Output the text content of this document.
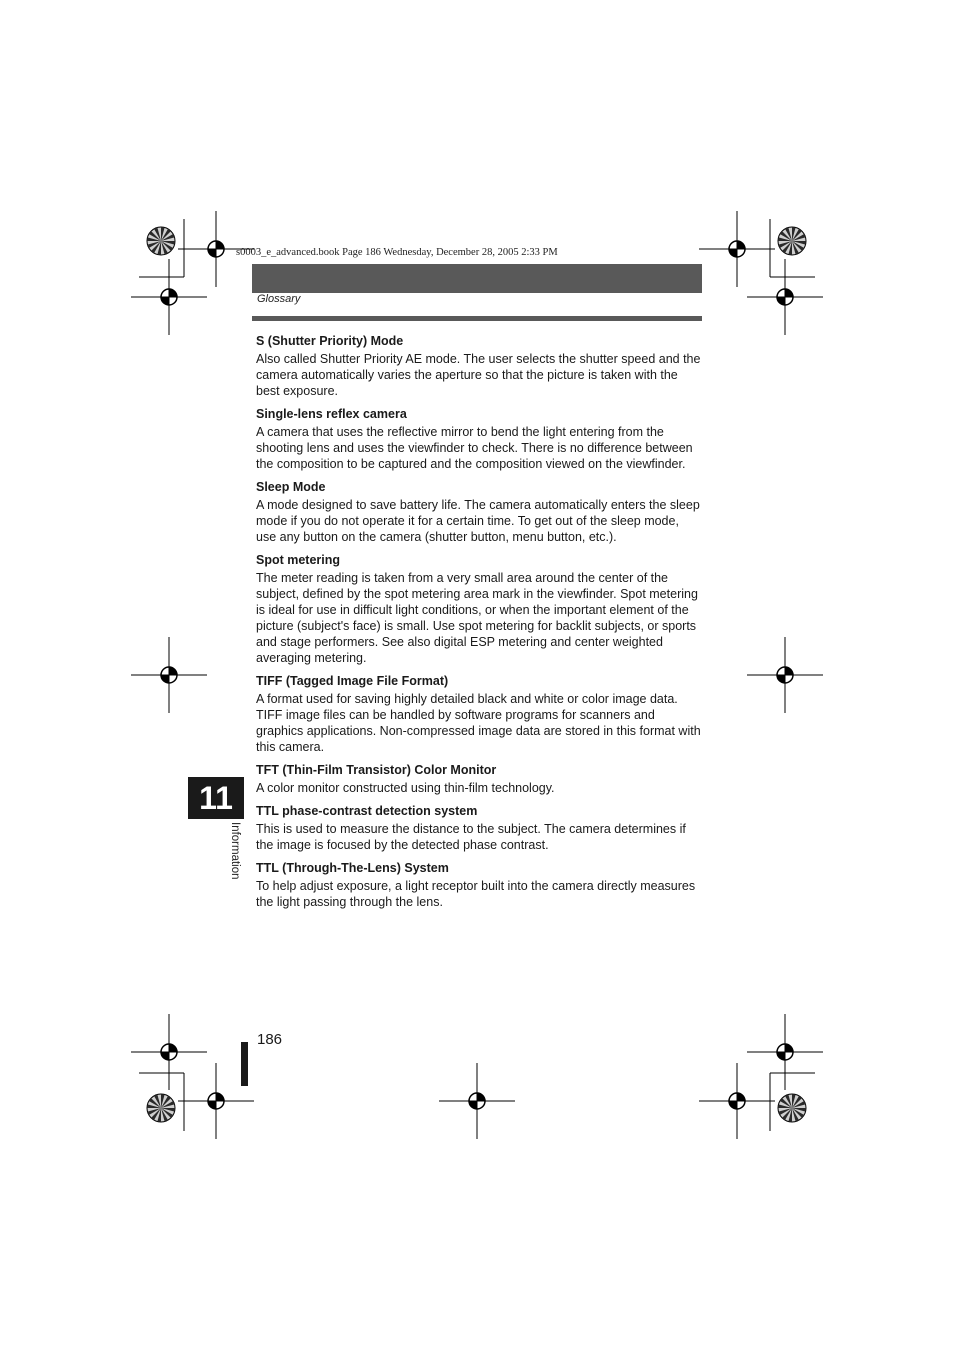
s0003_e_advanced.book Page 186 Wednesday, December 28, 2005 2:33 PM
Glossary
S (Shutter Priority) Mode
Also called Shutter Priority AE mode. The user selects the shutter speed and the camera automatically varies the aperture so that the picture is taken with the best exposure.
Single-lens reflex camera
A camera that uses the reflective mirror to bend the light entering from the shooting lens and uses the viewfinder to check. There is no difference between the composition to be captured and the composition viewed on the viewfinder.
Sleep Mode
A mode designed to save battery life. The camera automatically enters the sleep mode if you do not operate it for a certain time. To get out of the sleep mode, use any button on the camera (shutter button, menu button, etc.).
Spot metering
The meter reading is taken from a very small area around the center of the subject, defined by the spot metering area mark in the viewfinder. Spot metering is ideal for use in difficult light conditions, or when the important element of the picture (subject's face) is small. Use spot metering for backlit subjects, or sports and stage performers. See also digital ESP metering and center weighted averaging metering.
TIFF (Tagged Image File Format)
A format used for saving highly detailed black and white or color image data. TIFF image files can be handled by software programs for scanners and graphics applications. Non-compressed image data are stored in this format with this camera.
TFT (Thin-Film Transistor) Color Monitor
A color monitor constructed using thin-film technology.
TTL phase-contrast detection system
This is used to measure the distance to the subject. The camera determines if the image is focused by the detected phase contrast.
TTL (Through-The-Lens) System
To help adjust exposure, a light receptor built into the camera directly measures the light passing through the lens.
11
Information
186
